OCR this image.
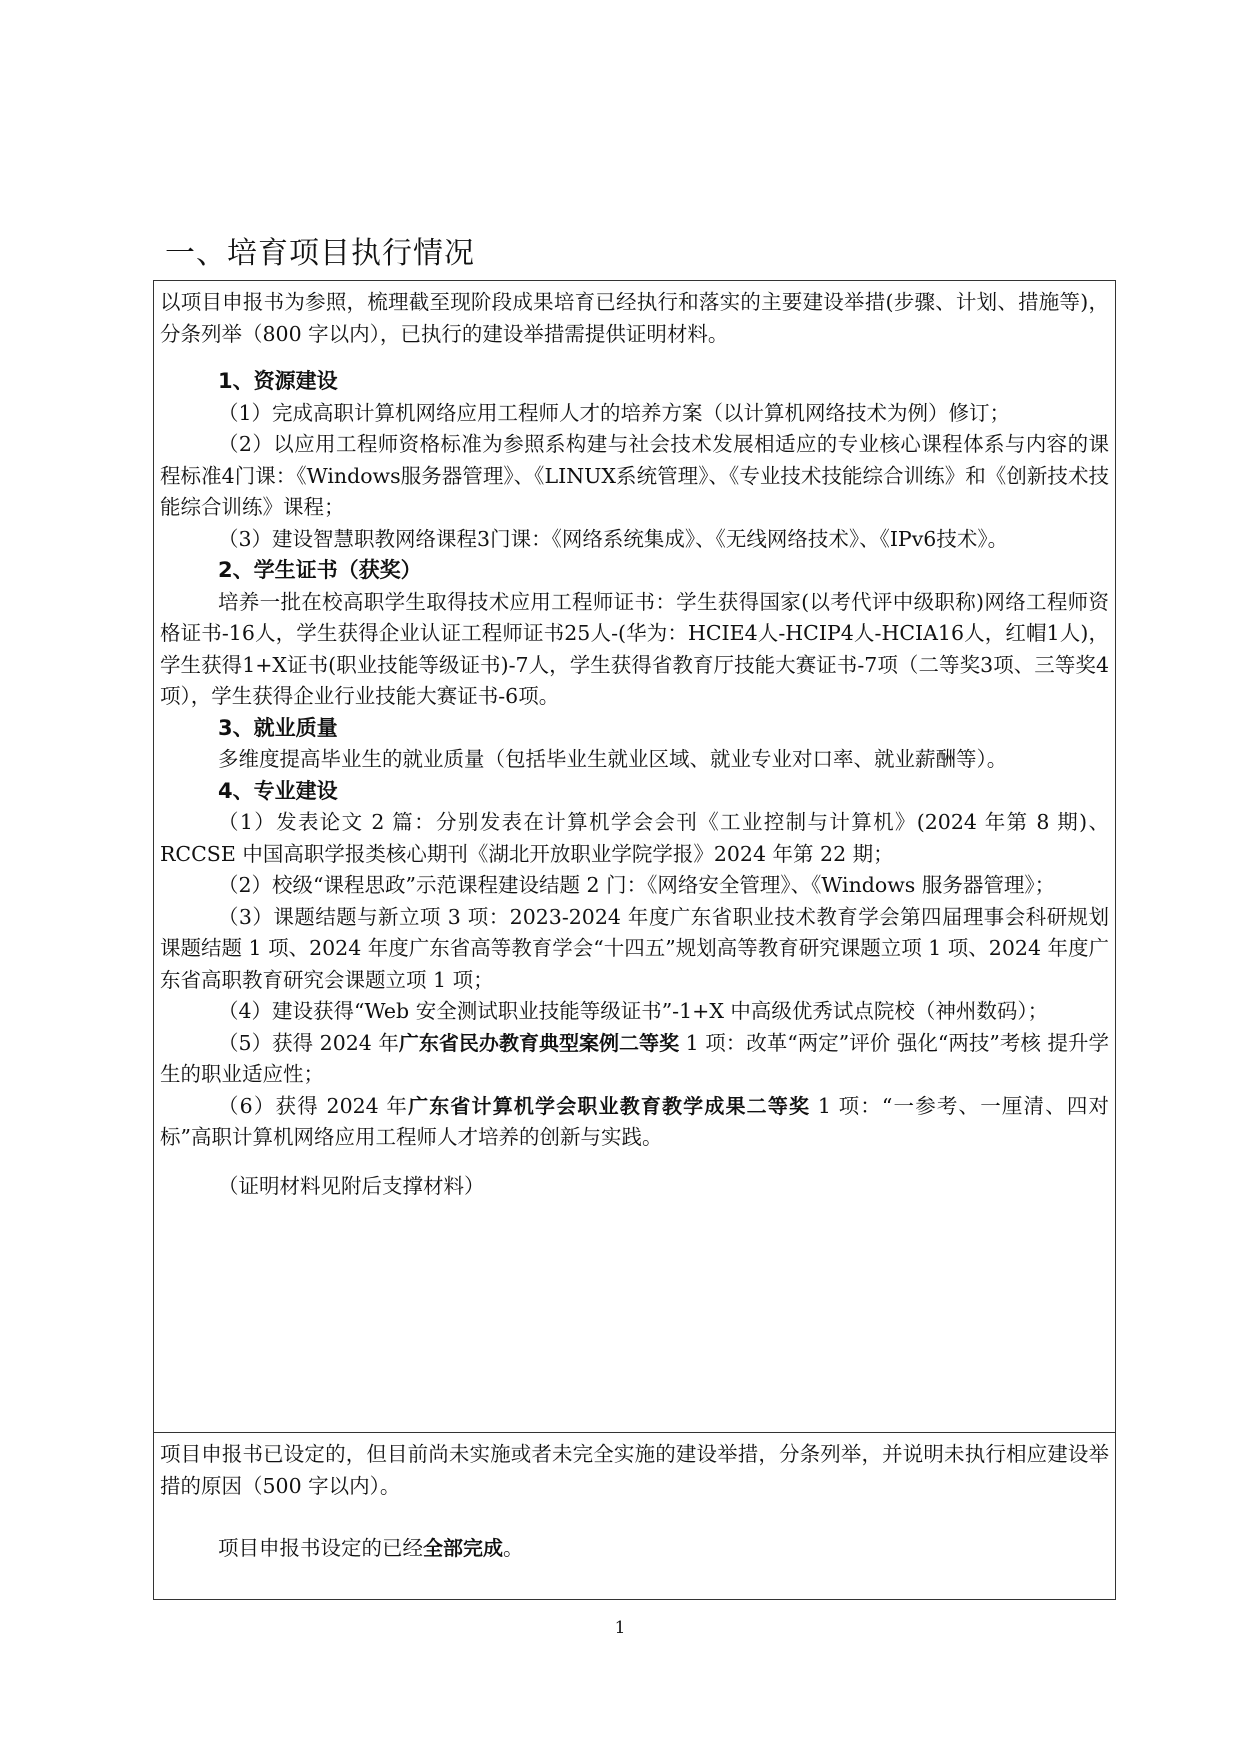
一、培育项目执行情况

以项目申报书为参照，梳理截至现阶段成果培育已经执行和落实的主要建设举措(步骤、计划、措施等)，分条列举（800 字以内），已执行的建设举措需提供证明材料。

1、资源建设

（1）完成高职计算机网络应用工程师人才的培养方案（以计算机网络技术为例）修订；

（2）以应用工程师资格标准为参照系构建与社会技术发展相适应的专业核心课程体系与内容的课程标准4门课：《Windows服务器管理》、《LINUX系统管理》、《专业技术技能综合训练》和《创新技术技能综合训练》课程；

（3）建设智慧职教网络课程3门课：《网络系统集成》、《无线网络技术》、《IPv6技术》。

2、学生证书（获奖）

培养一批在校高职学生取得技术应用工程师证书：学生获得国家(以考代评中级职称)网络工程师资格证书-16人，学生获得企业认证工程师证书25人-(华为：HCIE4人-HCIP4人-HCIA16人，红帽1人)，学生获得1+X证书(职业技能等级证书)-7人，学生获得省教育厅技能大赛证书-7项（二等奖3项、三等奖4项），学生获得企业行业技能大赛证书-6项。

3、就业质量

多维度提高毕业生的就业质量（包括毕业生就业区域、就业专业对口率、就业薪酬等）。

4、专业建设

（1）发表论文 2 篇：分别发表在计算机学会会刊《工业控制与计算机》(2024 年第 8 期)、RCCSE 中国高职学报类核心期刊《湖北开放职业学院学报》2024 年第 22 期；

（2）校级“课程思政”示范课程建设结题 2 门：《网络安全管理》、《Windows 服务器管理》；

（3）课题结题与新立项 3 项：2023-2024 年度广东省职业技术教育学会第四届理事会科研规划课题结题 1 项、2024 年度广东省高等教育学会“十四五”规划高等教育研究课题立项 1 项、2024 年度广东省高职教育研究会课题立项 1 项；

（4）建设获得“Web 安全测试职业技能等级证书”-1+X 中高级优秀试点院校（神州数码）；

（5）获得 2024 年广东省民办教育典型案例二等奖 1 项：改革“两定”评价 强化“两技”考核 提升学生的职业适应性；

（6）获得 2024 年广东省计算机学会职业教育教学成果二等奖 1 项：“一参考、一厘清、四对标”高职计算机网络应用工程师人才培养的创新与实践。

（证明材料见附后支撑材料）

项目申报书已设定的，但目前尚未实施或者未完全实施的建设举措，分条列举，并说明未执行相应建设举措的原因（500 字以内）。

项目申报书设定的已经全部完成。

1
